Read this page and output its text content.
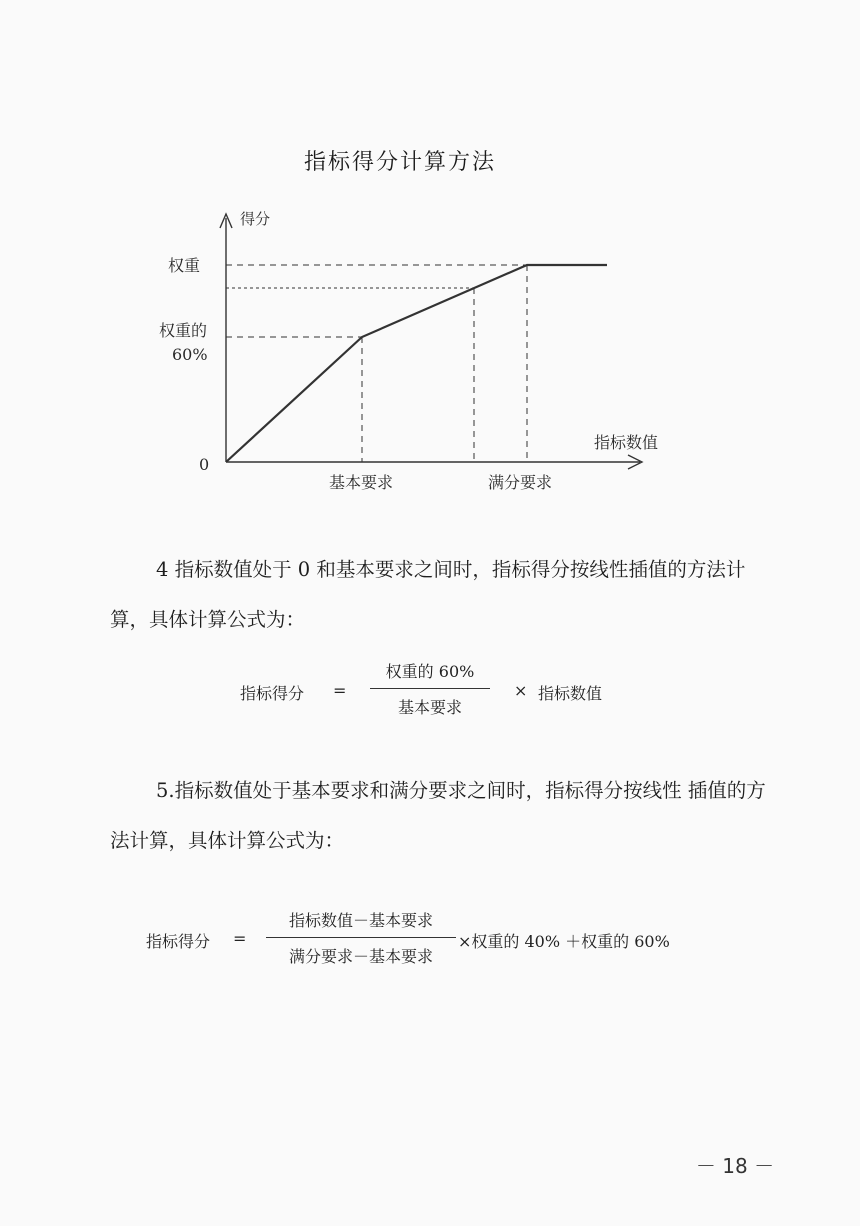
指标得分计算方法
得分
权重
权重的
60%
0
指标数值
基本要求	满分要求
4 指标数值处于 0 和基本要求之间时，指标得分按线性插值的方法计算，具体计算公式为：
指标得分 =
权重的 60%
基本要求
× 指标数值
5.指标数值处于基本要求和满分要求之间时，指标得分按线性 插值的方法计算，具体计算公式为：
指标得分 =
指标数值－基本要求
满分要求－基本要求
×权重的 40% ＋权重的 60%
－ 18 －
